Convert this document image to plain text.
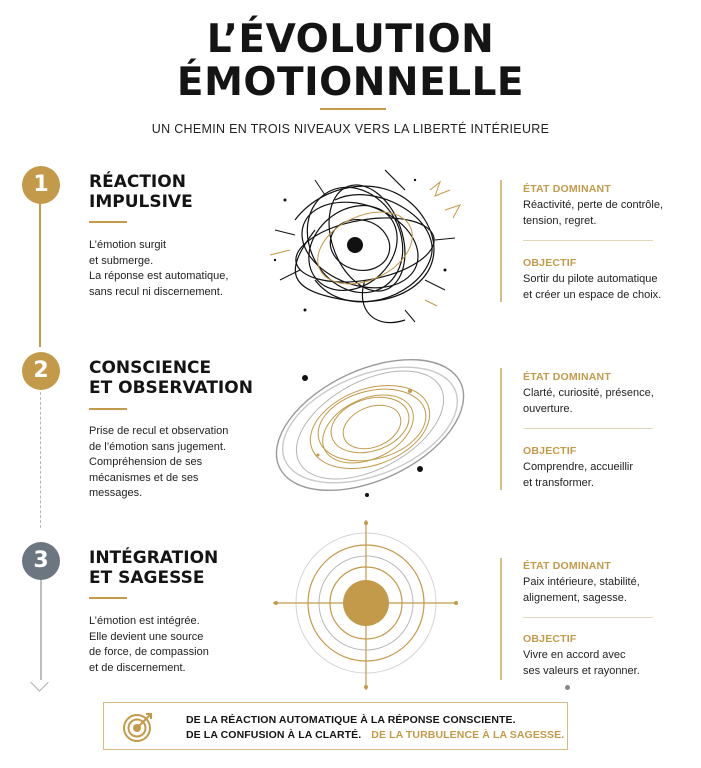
L’ÉVOLUTION
ÉMOTIONNELLE
UN CHEMIN EN TROIS NIVEAUX VERS LA LIBERTÉ INTÉRIEURE
1	RÉACTION
IMPULSIVE
L’émotion surgit
et submerge.
La réponse est automatique,
sans recul ni discernement.
ÉTAT DOMINANT
Réactivité, perte de contrôle,
tension, regret.
OBJECTIF
Sortir du pilote automatique
et créer un espace de choix.
2	CONSCIENCE
ET OBSERVATION
Prise de recul et observation
de l’émotion sans jugement.
Compréhension de ses
mécanismes et de ses
messages.
ÉTAT DOMINANT
Clarté, curiosité, présence,
ouverture.
OBJECTIF
Comprendre, accueillir
et transformer.
3	INTÉGRATION
ET SAGESSE
L’émotion est intégrée.
Elle devient une source
de force, de compassion
et de discernement.
ÉTAT DOMINANT
Paix intérieure, stabilité,
alignement, sagesse.
OBJECTIF
Vivre en accord avec
ses valeurs et rayonner.
DE LA RÉACTION AUTOMATIQUE À LA RÉPONSE CONSCIENTE.
DE LA CONFUSION À LA CLARTÉ. DE LA TURBULENCE À LA SAGESSE.
